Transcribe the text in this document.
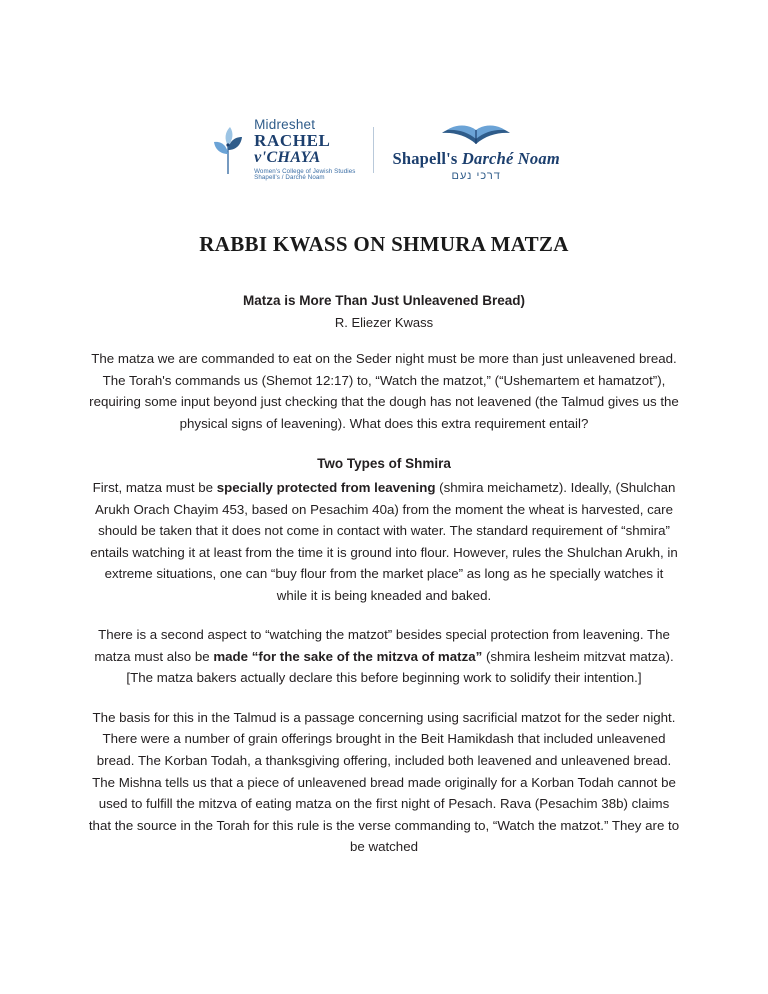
Midreshet
RACHEL
v'CHAYA
Women's College of Jewish Studies
Shapell's / Darché Noam
Shapell's Darché Noam
דרכי נעם
RABBI KWASS ON SHMURA MATZA
Matza is More Than Just Unleavened Bread)
R. Eliezer Kwass

The matza we are commanded to eat on the Seder night must be more than just unleavened bread. The Torah's commands us (Shemot 12:17) to, “Watch the matzot,” (“Ushemartem et hamatzot”), requiring some input beyond just checking that the dough has not leavened (the Talmud gives us the physical signs of leavening). What does this extra requirement entail?

Two Types of Shmira

First, matza must be specially protected from leavening (shmira meichametz). Ideally, (Shulchan Arukh Orach Chayim 453, based on Pesachim 40a) from the moment the wheat is harvested, care should be taken that it does not come in contact with water. The standard requirement of “shmira” entails watching it at least from the time it is ground into flour. However, rules the Shulchan Arukh, in extreme situations, one can “buy flour from the market place” as long as he specially watches it while it is being kneaded and baked.

There is a second aspect to “watching the matzot” besides special protection from leavening. The matza must also be made “for the sake of the mitzva of matza” (shmira lesheim mitzvat matza). [The matza bakers actually declare this before beginning work to solidify their intention.]

The basis for this in the Talmud is a passage concerning using sacrificial matzot for the seder night. There were a number of grain offerings brought in the Beit Hamikdash that included unleavened bread. The Korban Todah, a thanksgiving offering, included both leavened and unleavened bread. The Mishna tells us that a piece of unleavened bread made originally for a Korban Todah cannot be used to fulfill the mitzva of eating matza on the first night of Pesach. Rava (Pesachim 38b) claims that the source in the Torah for this rule is the verse commanding to, “Watch the matzot.” They are to be watched
